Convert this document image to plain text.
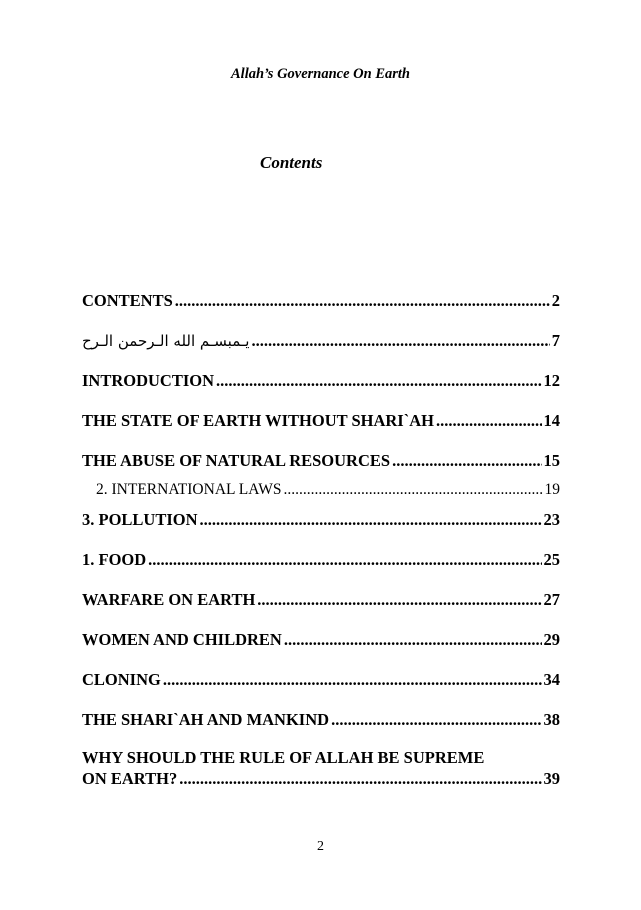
Allah’s Governance On Earth
Contents
CONTENTS .....	2
يـمبسـم الله الـرحمن الـرح .....	7
INTRODUCTION .....	12
THE STATE OF EARTH WITHOUT SHARI`AH .....	14
THE ABUSE OF NATURAL RESOURCES .....	15
2. INTERNATIONAL LAWS .....	19
3. POLLUTION .....	23
1. FOOD .....	25
WARFARE ON EARTH .....	27
WOMEN AND CHILDREN .....	29
CLONING .....	34
THE SHARI`AH AND MANKIND .....	38
WHY SHOULD THE RULE OF ALLAH BE SUPREME
ON EARTH? .....	39
2
